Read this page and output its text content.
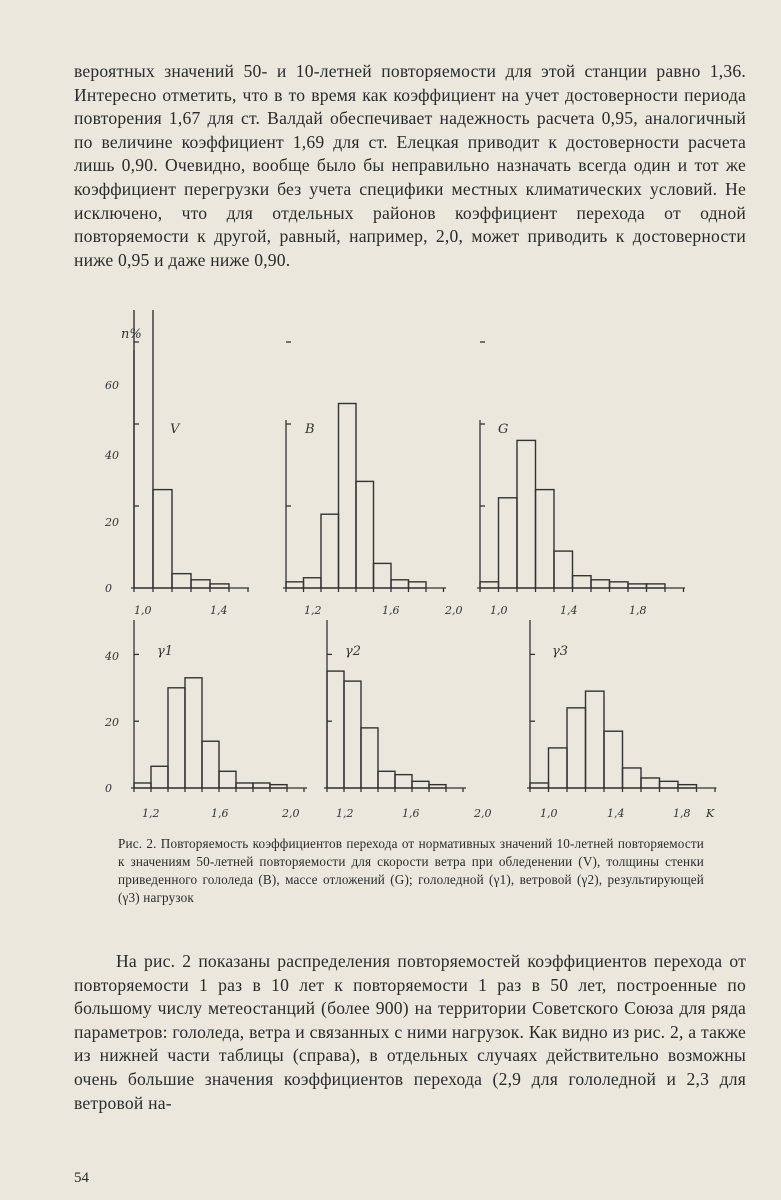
вероятных значений 50- и 10-летней повторяемости для этой станции равно 1,36. Интересно отметить, что в то время как коэффициент на учет достоверности периода повторения 1,67 для ст. Валдай обеспечивает надежность расчета 0,95, аналогичный по величине коэффициент 1,69 для ст. Елецкая приводит к достоверности расчета лишь 0,90. Очевидно, вообще было бы неправильно назначать всегда один и тот же коэффициент перегрузки без учета специфики местных климатических условий. Не исключено, что для отдельных районов коэффициент перехода от одной повторяемости к другой, равный, например, 2,0, может приводить к достоверности ниже 0,95 и даже ниже 0,90.

60
40
20
0
1,0	1,4
V
n%
1,2	1,6	2,0
B
1,0	1,4	1,8
G
40
20
0
1,2	1,6	2,0
γ1
1,2	1,6	2,0
γ2
1,0	1,4	1,8 K
γ3

Рис. 2. Повторяемость коэффициентов перехода от нормативных значений 10-летней повторяемости к значениям 50-летней повторяемости для скорости ветра при обледенении (V), толщины стенки приведенного гололеда (B), массе отложений (G); гололедной (γ1), ветровой (γ2), результирующей (γ3) нагрузок

На рис. 2 показаны распределения повторяемостей коэффициентов перехода от повторяемости 1 раз в 10 лет к повторяемости 1 раз в 50 лет, построенные по большому числу метеостанций (более 900) на территории Советского Союза для ряда параметров: гололеда, ветра и связанных с ними нагрузок. Как видно из рис. 2, а также из нижней части таблицы (справа), в отдельных случаях действительно возможны очень большие значения коэффициентов перехода (2,9 для гололедной и 2,3 для ветровой на-

54
